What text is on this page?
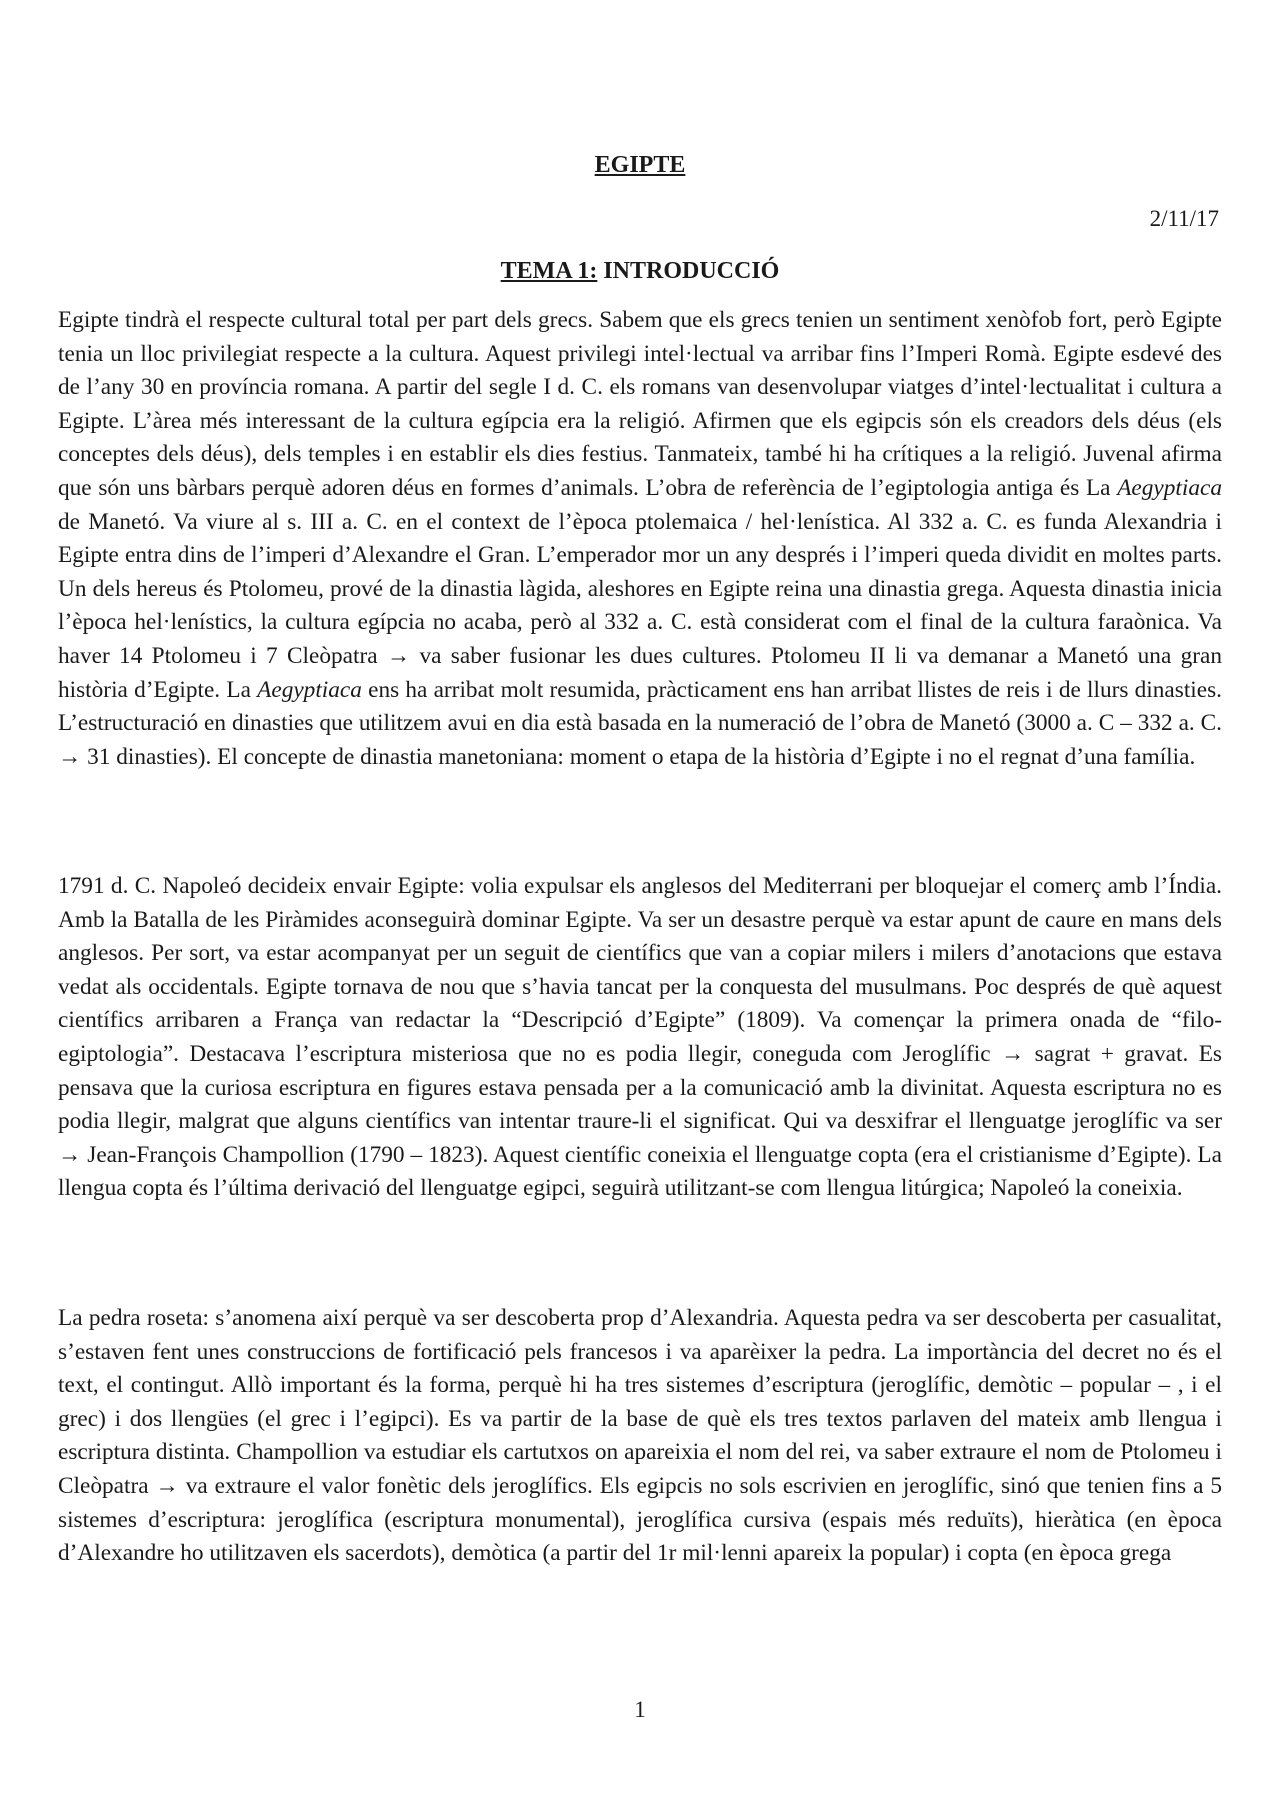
EGIPTE

2/11/17

TEMA 1: INTRODUCCIÓ

Egipte tindrà el respecte cultural total per part dels grecs. Sabem que els grecs tenien un sentiment xenòfob fort, però Egipte tenia un lloc privilegiat respecte a la cultura. Aquest privilegi intel·lectual va arribar fins l’Imperi Romà. Egipte esdevé des de l’any 30 en província romana. A partir del segle I d. C. els romans van desenvolupar viatges d’intel·lectualitat i cultura a Egipte. L’àrea més interessant de la cultura egípcia era la religió. Afirmen que els egipcis són els creadors dels déus (els conceptes dels déus), dels temples i en establir els dies festius. Tanmateix, també hi ha crítiques a la religió. Juvenal afirma que són uns bàrbars perquè adoren déus en formes d’animals. L’obra de referència de l’egiptologia antiga és La Aegyptiaca de Manetó. Va viure al s. III a. C. en el context de l’època ptolemaica / hel·lenística. Al 332 a. C. es funda Alexandria i Egipte entra dins de l’imperi d’Alexandre el Gran. L’emperador mor un any després i l’imperi queda dividit en moltes parts. Un dels hereus és Ptolomeu, prové de la dinastia làgida, aleshores en Egipte reina una dinastia grega. Aquesta dinastia inicia l’època hel·lenístics, la cultura egípcia no acaba, però al 332 a. C. està considerat com el final de la cultura faraònica. Va haver 14 Ptolomeu i 7 Cleòpatra → va saber fusionar les dues cultures. Ptolomeu II li va demanar a Manetó una gran història d’Egipte. La Aegyptiaca ens ha arribat molt resumida, pràcticament ens han arribat llistes de reis i de llurs dinasties. L’estructuració en dinasties que utilitzem avui en dia està basada en la numeració de l’obra de Manetó (3000 a. C – 332 a. C. → 31 dinasties). El concepte de dinastia manetoniana: moment o etapa de la història d’Egipte i no el regnat d’una família.

1791 d. C. Napoleó decideix envair Egipte: volia expulsar els anglesos del Mediterrani per bloquejar el comerç amb l’Índia. Amb la Batalla de les Piràmides aconseguirà dominar Egipte. Va ser un desastre perquè va estar apunt de caure en mans dels anglesos. Per sort, va estar acompanyat per un seguit de científics que van a copiar milers i milers d’anotacions que estava vedat als occidentals. Egipte tornava de nou que s’havia tancat per la conquesta del musulmans. Poc després de què aquest científics arribaren a França van redactar la “Descripció d’Egipte” (1809). Va començar la primera onada de “filo-egiptologia”. Destacava l’escriptura misteriosa que no es podia llegir, coneguda com Jeroglífic → sagrat + gravat. Es pensava que la curiosa escriptura en figures estava pensada per a la comunicació amb la divinitat. Aquesta escriptura no es podia llegir, malgrat que alguns científics van intentar traure-li el significat. Qui va desxifrar el llenguatge jeroglífic va ser → Jean-François Champollion (1790 – 1823). Aquest científic coneixia el llenguatge copta (era el cristianisme d’Egipte). La llengua copta és l’última derivació del llenguatge egipci, seguirà utilitzant-se com llengua litúrgica; Napoleó la coneixia.

La pedra roseta: s’anomena així perquè va ser descoberta prop d’Alexandria. Aquesta pedra va ser descoberta per casualitat, s’estaven fent unes construccions de fortificació pels francesos i va aparèixer la pedra. La importància del decret no és el text, el contingut. Allò important és la forma, perquè hi ha tres sistemes d’escriptura (jeroglífic, demòtic – popular – , i el grec) i dos llengües (el grec i l’egipci). Es va partir de la base de què els tres textos parlaven del mateix amb llengua i escriptura distinta. Champollion va estudiar els cartutxos on apareixia el nom del rei, va saber extraure el nom de Ptolomeu i Cleòpatra → va extraure el valor fonètic dels jeroglífics. Els egipcis no sols escrivien en jeroglífic, sinó que tenien fins a 5 sistemes d’escriptura: jeroglífica (escriptura monumental), jeroglífica cursiva (espais més reduïts), hieràtica (en època d’Alexandre ho utilitzaven els sacerdots), demòtica (a partir del 1r mil·lenni apareix la popular) i copta (en època grega

1
